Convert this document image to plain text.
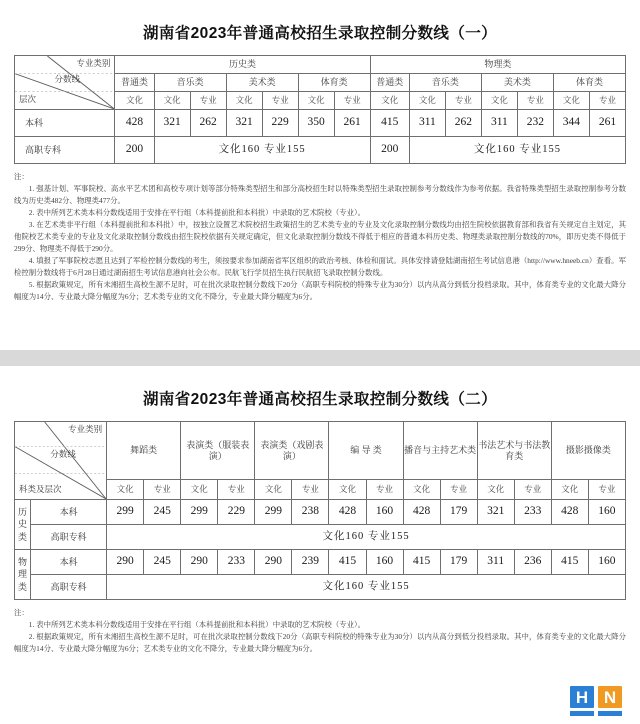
湖南省2023年普通高校招生录取控制分数线（一）
专业类别
分数线
层次	历史类							物理类						
	普通类	音乐类		美术类		体育类		普通类	音乐类		美术类		体育类	
	文化	文化	专业	文化	专业	文化	专业	文化	文化	专业	文化	专业	文化	专业
本科	428	321	262	321	229	350	261	415	311	262	311	232	344	261
高职专科	200	文化160 专业155						200	文化160 专业155					
注：

1. 强基计划、军事院校、高水平艺术团和高校专项计划等部分特殊类型招生和部分高校招生时以特殊类型招生录取控制参考分数线作为参考依据。我省特殊类型招生录取控制参考分数线为历史类482分、物理类477分。

2. 表中所列艺术类本科分数线适用于安排在平行组（本科提前批和本科批）中录取的艺术院校（专业）。

3. 在艺术类非平行组（本科提前批和本科批）中，按独立设置艺术院校招生政策招生的艺术类专业的专业及文化录取控制分数线均由招生院校依据教育部和我省有关规定自主划定，其他院校艺术类专业的专业及文化录取控制分数线由招生院校依据有关规定确定，但文化录取控制分数线不得低于相应的普通本科历史类、物理类录取控制分数线的70%，即历史类不得低于299分、物理类不得低于290分。

4. 填报了军事院校志愿且达到了军检控制分数线的考生，须按要求参加湖南省军区组织的政治考核、体检和面试。具体安排请登陆湖南招生考试信息港（http://www.hneeb.cn）查看。军检控制分数线将于6月28日通过湖南招生考试信息港向社会公布。民航飞行学员招生执行民航招飞录取控制分数线。

5. 根据政策规定，所有未湘招生高校生源不足时，可在批次录取控制分数线下20分（高职专科院校的特殊专业为30分）以内从高分到低分投档录取。其中，体育类专业的文化最大降分幅度为14分、专业最大降分幅度为6分；艺术类专业的文化不降分，专业最大降分幅度为6分。

湖南省2023年普通高校招生录取控制分数线（二）
专业类别
分数线
科类及层次		舞蹈类		表演类（服装表演）		表演类（戏剧表演）		编 导 类		播音与主持艺术类		书法艺术与书法教育类		摄影摄像类	
		文化	专业	文化	专业	文化	专业	文化	专业	文化	专业	文化	专业	文化	专业

历
史
类	本科	299	245	299	229	299	238	428	160	428	179	321	233	428	160
	高职专科	文化160 专业155													

物
理
类	本科	290	245	290	233	290	239	415	160	415	179	311	236	415	160
	高职专科	文化160 专业155													
注：

1. 表中所列艺术类本科分数线适用于安排在平行组（本科提前批和本科批）中录取的艺术院校（专业）。

2. 根据政策规定，所有未湘招生高校生源不足时，可在批次录取控制分数线下20分（高职专科院校的特殊专业为30分）以内从高分到低分投档录取。其中，体育类专业的文化最大降分幅度为14分、专业最大降分幅度为6分；艺术类专业的文化不降分，专业最大降分幅度为6分。

H N
